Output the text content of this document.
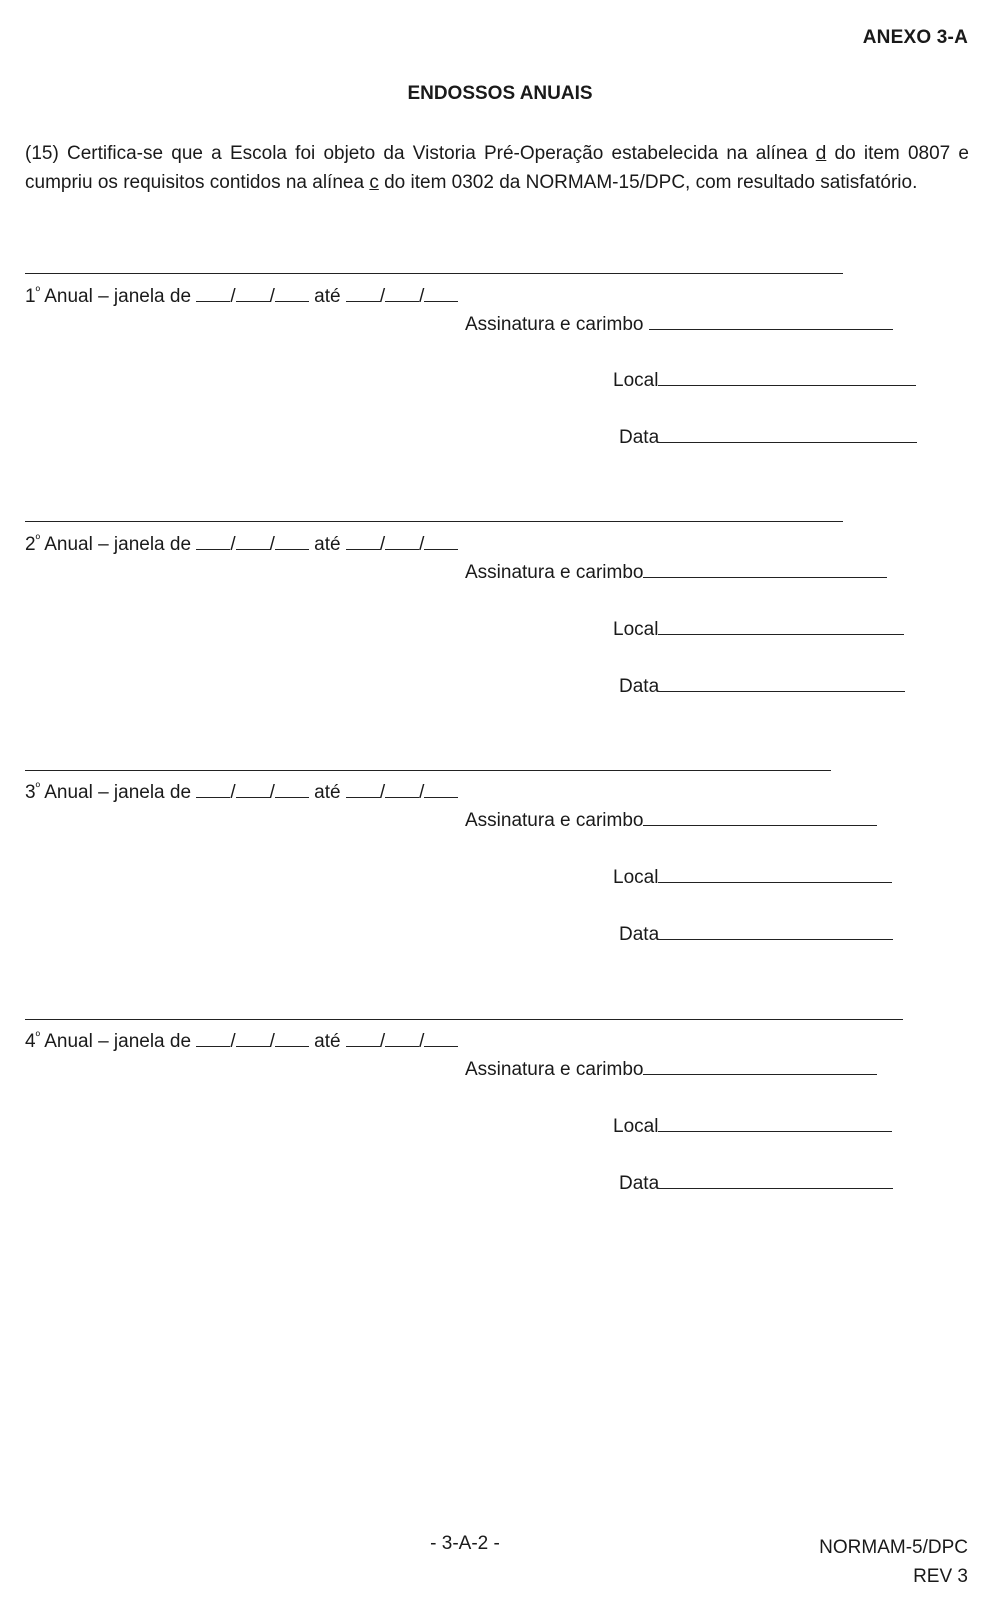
ANEXO 3-A
ENDOSSOS ANUAIS
(15) Certifica-se que a Escola foi objeto da Vistoria Pré-Operação estabelecida na alínea d do item 0807 e cumpriu os requisitos contidos na alínea c do item 0302 da NORMAM-15/DPC, com resultado satisfatório.
$1^º$ Anual – janela de / / até / /
Assinatura e carimbo
Local
Data
$2^º$ Anual – janela de / / até / /
Assinatura e carimbo
Local
Data
$3^º$ Anual – janela de / / até / /
Assinatura e carimbo
Local
Data
$4^º$ Anual – janela de / / até / /
Assinatura e carimbo
Local
Data
- 3-A-2 -	NORMAM-5/DPC
REV 3
